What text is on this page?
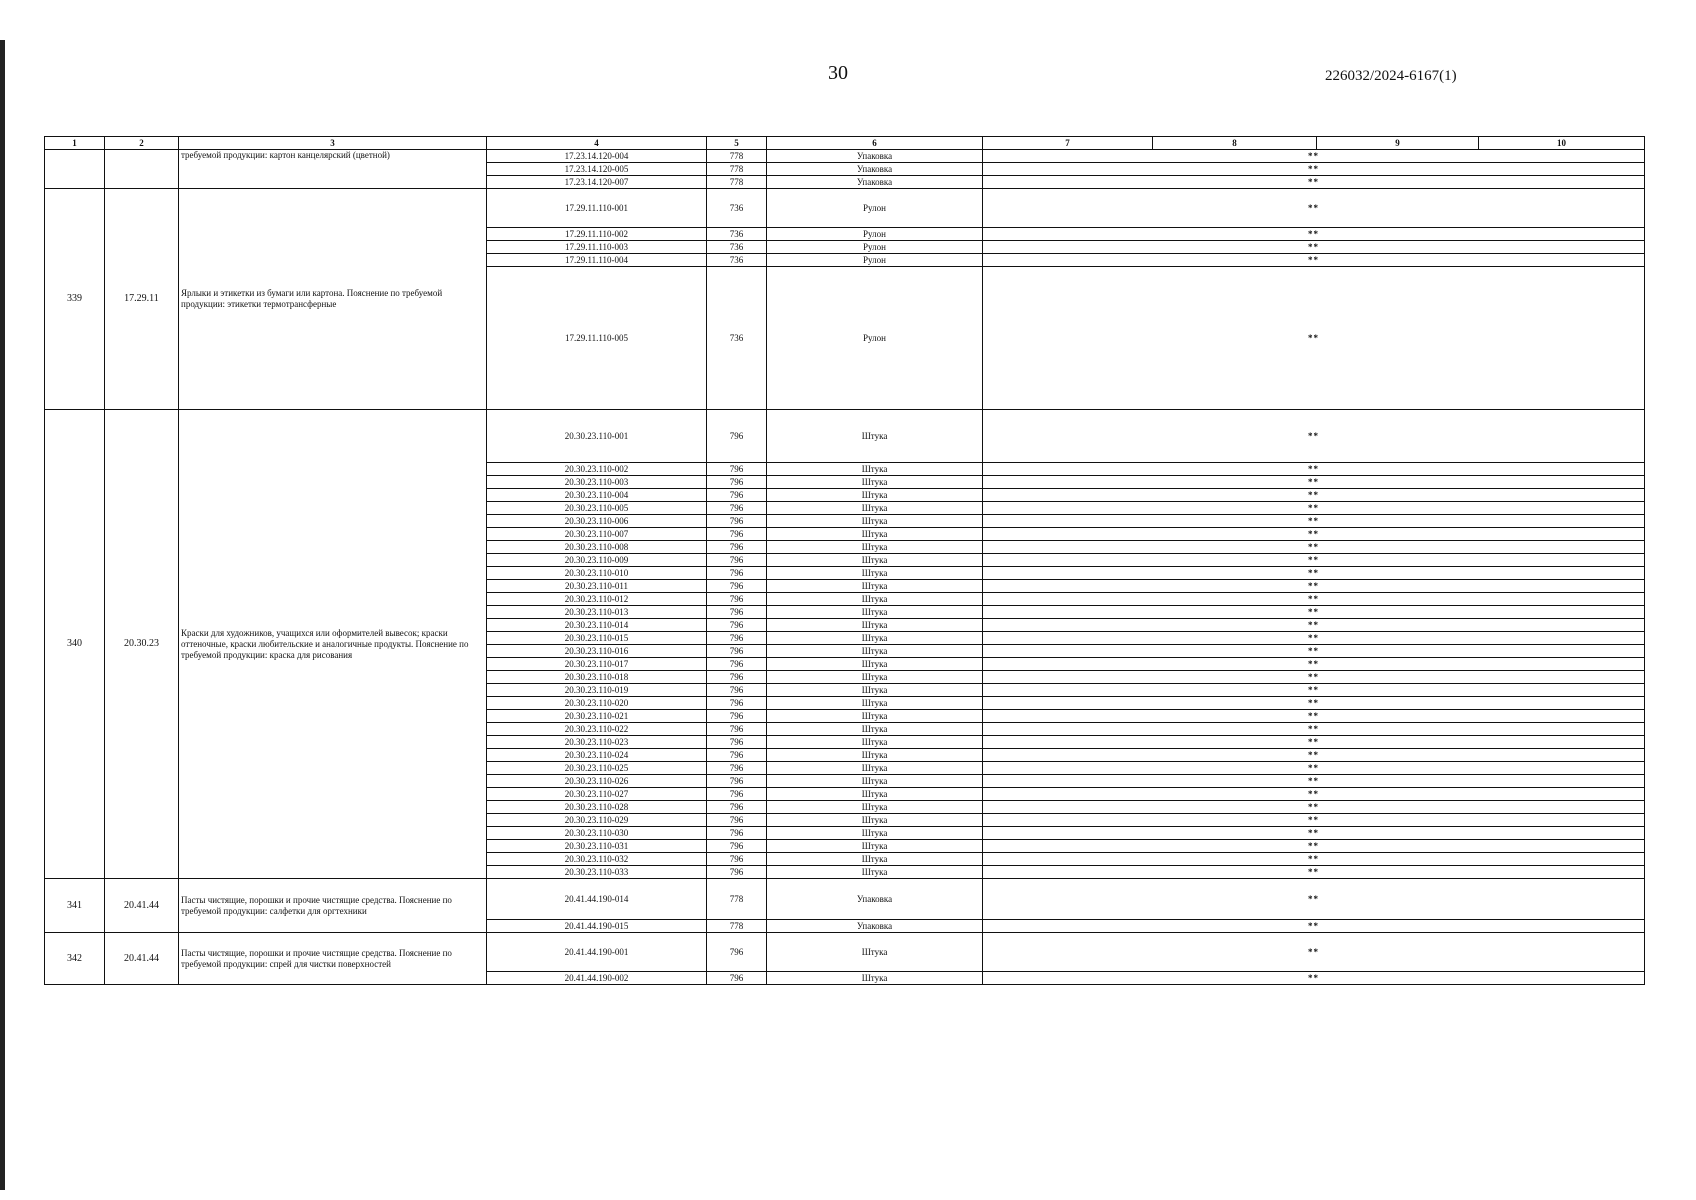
30	226032/2024-6167(1)
1	2	3	4	5	6	7	8	9	10
		требуемой продукции: картон канцелярский (цветной)	17.23.14.120-004	778	Упаковка	**			
			17.23.14.120-005	778	Упаковка	**			
			17.23.14.120-007	778	Упаковка	**			
339	17.29.11	Ярлыки и этикетки из бумаги или картона. Пояснение по требуемой продукции: этикетки термотрансферные	17.29.11.110-001	736	Рулон	**			
			17.29.11.110-002	736	Рулон	**			
			17.29.11.110-003	736	Рулон	**			
			17.29.11.110-004	736	Рулон	**			
			17.29.11.110-005	736	Рулон	**			
340	20.30.23	Краски для художников, учащихся или оформителей вывесок; краски оттеночные, краски любительские и аналогичные продукты. Пояснение по требуемой продукции: краска для рисования	20.30.23.110-001	796	Штука	**			
			20.30.23.110-002	796	Штука	**			
			20.30.23.110-003	796	Штука	**			
			20.30.23.110-004	796	Штука	**			
			20.30.23.110-005	796	Штука	**			
			20.30.23.110-006	796	Штука	**			
			20.30.23.110-007	796	Штука	**			
			20.30.23.110-008	796	Штука	**			
			20.30.23.110-009	796	Штука	**			
			20.30.23.110-010	796	Штука	**			
			20.30.23.110-011	796	Штука	**			
			20.30.23.110-012	796	Штука	**			
			20.30.23.110-013	796	Штука	**			
			20.30.23.110-014	796	Штука	**			
			20.30.23.110-015	796	Штука	**			
			20.30.23.110-016	796	Штука	**			
			20.30.23.110-017	796	Штука	**			
			20.30.23.110-018	796	Штука	**			
			20.30.23.110-019	796	Штука	**			
			20.30.23.110-020	796	Штука	**			
			20.30.23.110-021	796	Штука	**			
			20.30.23.110-022	796	Штука	**			
			20.30.23.110-023	796	Штука	**			
			20.30.23.110-024	796	Штука	**			
			20.30.23.110-025	796	Штука	**			
			20.30.23.110-026	796	Штука	**			
			20.30.23.110-027	796	Штука	**			
			20.30.23.110-028	796	Штука	**			
			20.30.23.110-029	796	Штука	**			
			20.30.23.110-030	796	Штука	**			
			20.30.23.110-031	796	Штука	**			
			20.30.23.110-032	796	Штука	**			
			20.30.23.110-033	796	Штука	**			
341	20.41.44	Пасты чистящие, порошки и прочие чистящие средства. Пояснение по требуемой продукции: салфетки для оргтехники	20.41.44.190-014	778	Упаковка	**			
			20.41.44.190-015	778	Упаковка	**			
342	20.41.44	Пасты чистящие, порошки и прочие чистящие средства. Пояснение по требуемой продукции: спрей для чистки поверхностей	20.41.44.190-001	796	Штука	**			
			20.41.44.190-002	796	Штука	**			
